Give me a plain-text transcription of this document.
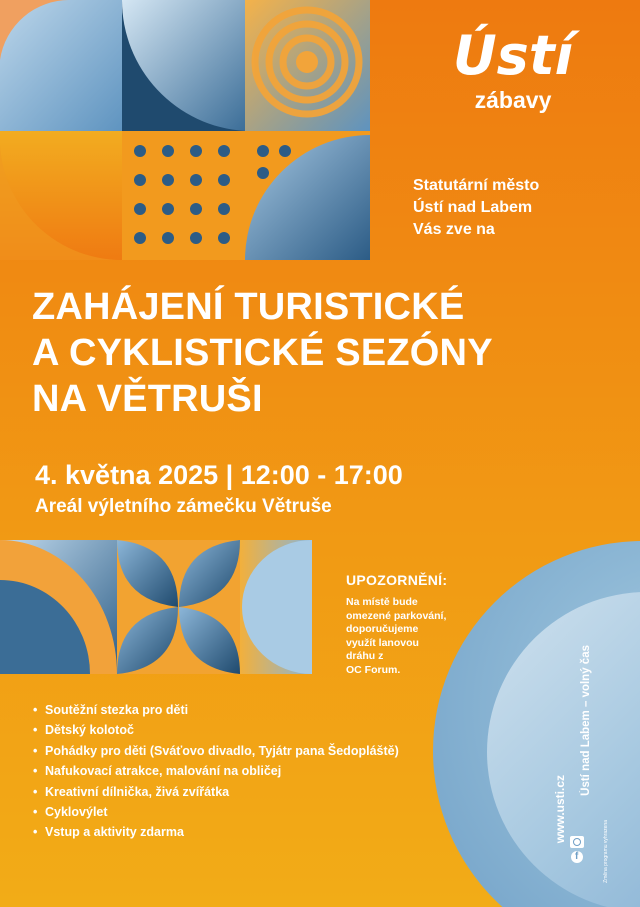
Ústí
zábavy
Statutární město
Ústí nad Labem
Vás zve na
ZAHÁJENÍ TURISTICKÉ
A CYKLISTICKÉ SEZÓNY
NA VĚTRUŠI
4. května 2025 | 12:00 - 17:00
Areál výletního zámečku Větruše
UPOZORNĚNÍ:
Na místě bude
omezené parkování,
doporučujeme
využít lanovou
dráhu z
OC Forum.
• Soutěžní stezka pro děti
• Dětský kolotoč
• Pohádky pro děti (Sváťovo divadlo, Tyjátr pana Šedopláště)
• Nafukovací atrakce, malování na obličej
• Kreativní dílnička, živá zvířátka
• Cyklovýlet
• Vstup a aktivity zdarma	www.usti.cz
Ústí nad Labem – volný čas
Změna programu vyhrazena
f
